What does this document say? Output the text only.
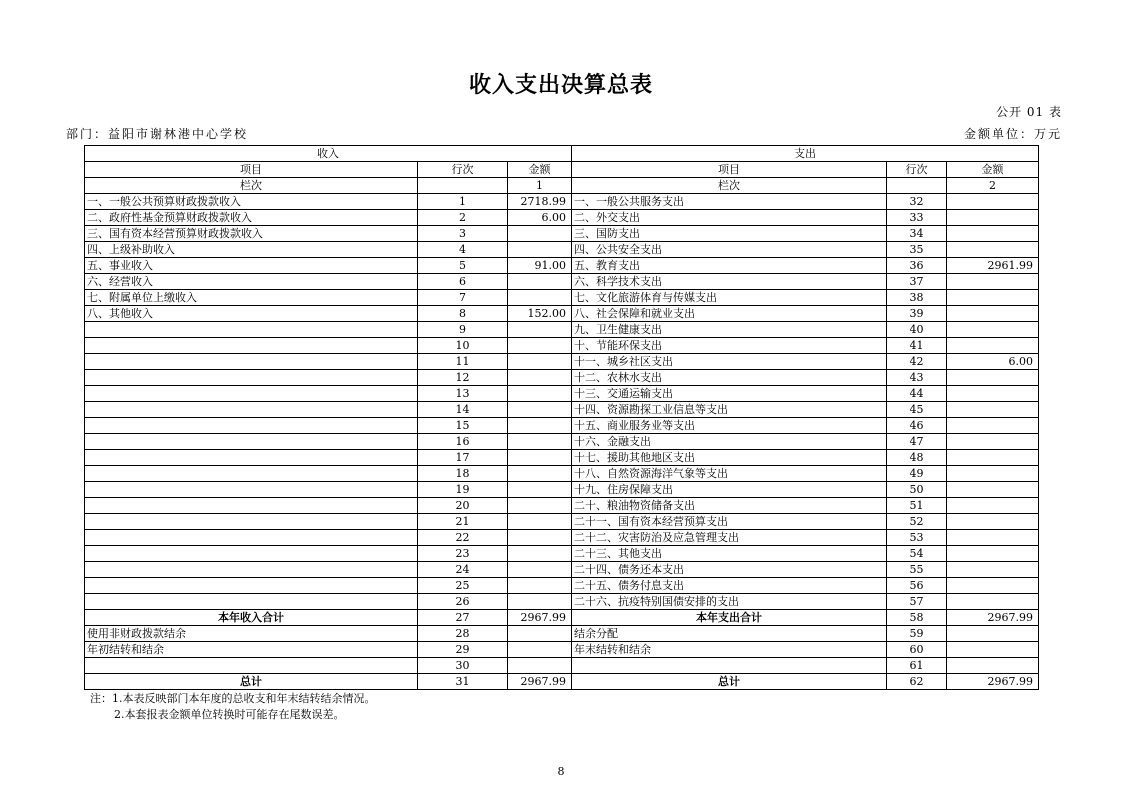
收入支出决算总表
公开 01 表
部门：益阳市谢林港中心学校	金额单位：万元
收入			支出		
项目	行次	金额	项目	行次	金额
栏次		1	栏次		2
一、一般公共预算财政拨款收入	1	2718.99	一、一般公共服务支出	32	
二、政府性基金预算财政拨款收入	2	6.00	二、外交支出	33	
三、国有资本经营预算财政拨款收入	3		三、国防支出	34	
四、上级补助收入	4		四、公共安全支出	35	
五、事业收入	5	91.00	五、教育支出	36	2961.99
六、经营收入	6		六、科学技术支出	37	
七、附属单位上缴收入	7		七、文化旅游体育与传媒支出	38	
八、其他收入	8	152.00	八、社会保障和就业支出	39	
	9		九、卫生健康支出	40	
	10		十、节能环保支出	41	
	11		十一、城乡社区支出	42	6.00
	12		十二、农林水支出	43	
	13		十三、交通运输支出	44	
	14		十四、资源勘探工业信息等支出	45	
	15		十五、商业服务业等支出	46	
	16		十六、金融支出	47	
	17		十七、援助其他地区支出	48	
	18		十八、自然资源海洋气象等支出	49	
	19		十九、住房保障支出	50	
	20		二十、粮油物资储备支出	51	
	21		二十一、国有资本经营预算支出	52	
	22		二十二、灾害防治及应急管理支出	53	
	23		二十三、其他支出	54	
	24		二十四、债务还本支出	55	
	25		二十五、债务付息支出	56	
	26		二十六、抗疫特别国债安排的支出	57	
本年收入合计	27	2967.99	本年支出合计	58	2967.99
使用非财政拨款结余	28		结余分配	59	
年初结转和结余	29		年末结转和结余	60	
	30			61	
总计	31	2967.99	总计	62	2967.99
注：1.本表反映部门本年度的总收支和年末结转结余情况。
2.本套报表金额单位转换时可能存在尾数误差。
8
